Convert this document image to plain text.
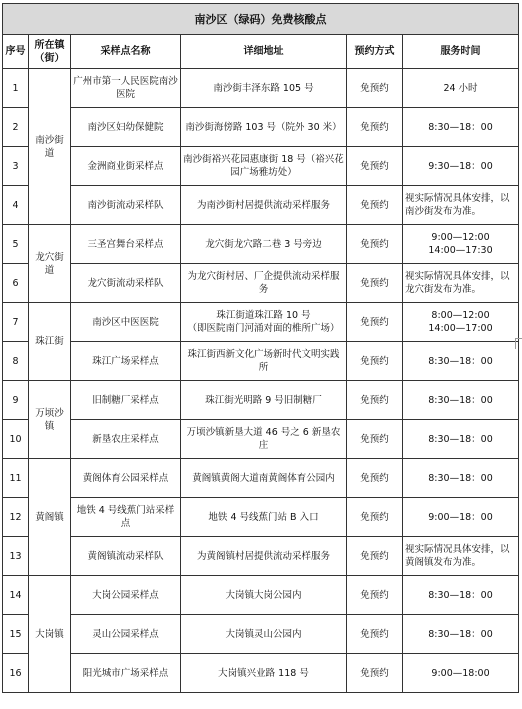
南沙区（绿码）免费核酸点					
序号	所在镇（街）	采样点名称	详细地址	预约方式	服务时间
1	南沙街道	广州市第一人民医院南沙医院	南沙街丰泽东路 105 号	免预约	24 小时
2		南沙区妇幼保健院	南沙街海傍路 103 号（院外 30 米）	免预约	8:30—18：00
3		金洲商业街采样点	南沙街裕兴花园惠康街 18 号（裕兴花园广场雅坊处）	免预约	9:30—18：00
4		南沙街流动采样队	为南沙街村居提供流动采样服务	免预约	视实际情况具体安排，以南沙街发布为准。
5	龙穴街道	三圣宫舞台采样点	龙穴街龙穴路二巷 3 号旁边	免预约	9:00—12:00
14:00—17:30
6		龙穴街流动采样队	为龙穴街村居、厂企提供流动采样服务	免预约	视实际情况具体安排，以龙穴街发布为准。
7	珠江街	南沙区中医医院	珠江街道珠江路 10 号
（即医院南门河涌对面的椎所广场）	免预约	8:00—12:00
14:00—17:00
8		珠江广场采样点	珠江街西新文化广场新时代文明实践所	免预约	8:30—18：00
9	万顷沙镇	旧制糖厂采样点	珠江街光明路 9 号旧制糖厂	免预约	8:30—18：00
10		新垦农庄采样点	万顷沙镇新垦大道 46 号之 6 新垦农庄	免预约	8:30—18：00
11	黄阁镇	黄阁体育公园采样点	黄阁镇黄阁大道南黄阁体育公园内	免预约	8:30—18：00
12		地铁 4 号线蕉门站采样点	地铁 4 号线蕉门站 B 入口	免预约	9:00—18：00
13		黄阁镇流动采样队	为黄阁镇村居提供流动采样服务	免预约	视实际情况具体安排，以黄阁镇发布为准。
14	大岗镇	大岗公园采样点	大岗镇大岗公园内	免预约	8:30—18：00
15		灵山公园采样点	大岗镇灵山公园内	免预约	8:30—18：00
16		阳光城市广场采样点	大岗镇兴业路 118 号	免预约	9:00—18:00
